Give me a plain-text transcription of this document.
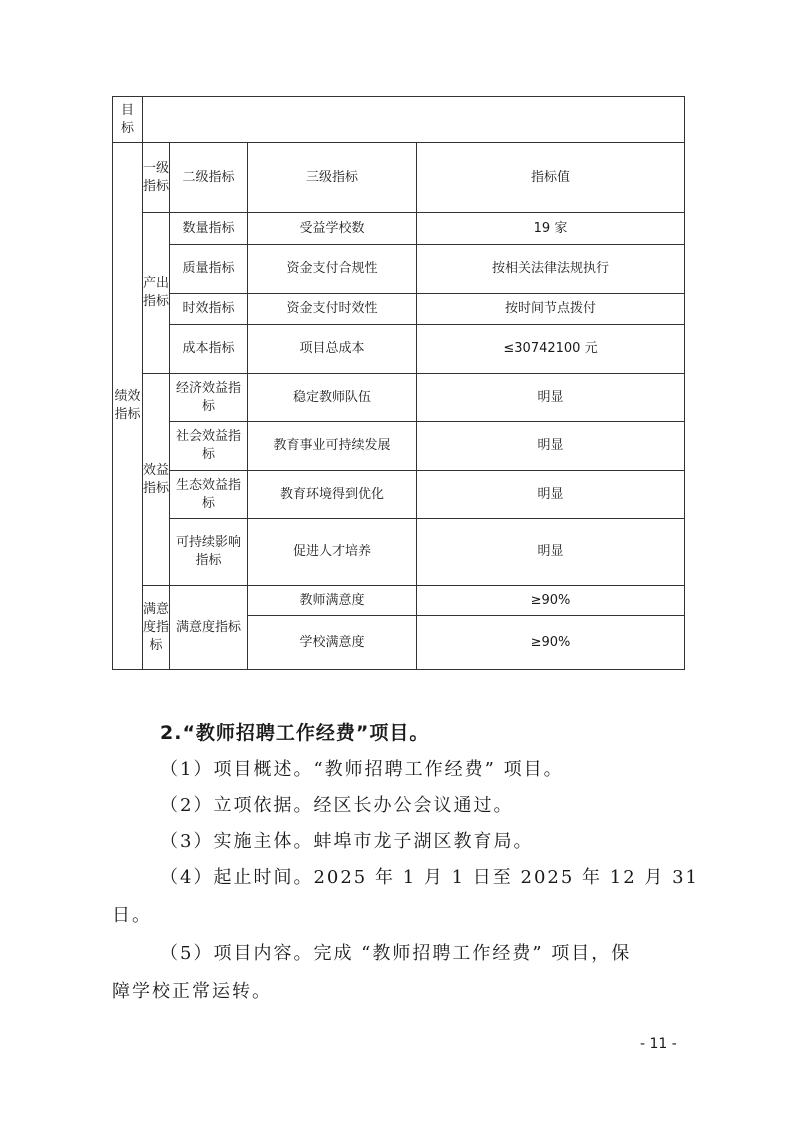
目标				
绩效指标	一级指标	二级指标	三级指标	指标值
	产出指标	数量指标	受益学校数	19 家
		质量指标	资金支付合规性	按相关法律法规执行
		时效指标	资金支付时效性	按时间节点拨付
		成本指标	项目总成本	≤30742100 元
	效益指标	经济效益指标	稳定教师队伍	明显
		社会效益指标	教育事业可持续发展	明显
		生态效益指标	教育环境得到优化	明显
		可持续影响指标	促进人才培养	明显
	满意度指标	满意度指标	教师满意度	≥90%
			学校满意度	≥90%
2.“教师招聘工作经费”项目。
（1）项目概述。“教师招聘工作经费” 项目。
（2）立项依据。经区长办公会议通过。
（3）实施主体。蚌埠市龙子湖区教育局。
（4）起止时间。2025 年 1 月 1 日至 2025 年 12 月 31
日。
（5）项目内容。完成 “教师招聘工作经费” 项目，保
障学校正常运转。
- 11 -
